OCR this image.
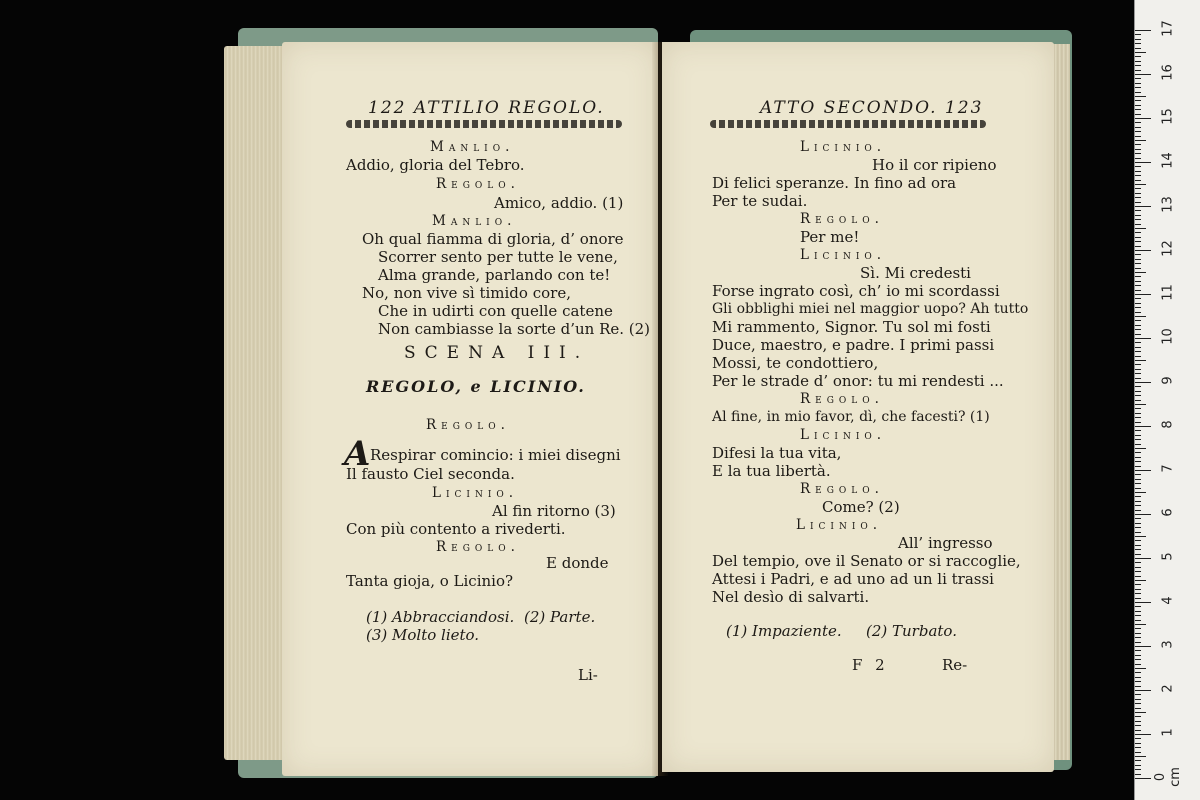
122 ATTILIO REGOLO.
Manlio.
Addio, gloria del Tebro.
Regolo.
Amico, addio. (1)
Manlio.
Oh qual fiamma di gloria, d’ onore
Scorrer sento per tutte le vene,
Alma grande, parlando con te!
No, non vive sì timido core,
Che in udirti con quelle catene
Non cambiasse la sorte d’un Re. (2)
SCENA III.
REGOLO, e LICINIO.
Regolo.
A Respirar comincio: i miei disegni
Il fausto Ciel seconda.
Licinio.
Al fin ritorno (3)
Con più contento a rivederti.
Regolo.
E donde
Tanta gioja, o Licinio?
(1) Abbracciandosi. (2) Parte.
(3) Molto lieto.
Li-
ATTO SECONDO. 123
Licinio.
Ho il cor ripieno
Di felici speranze. In fino ad ora
Per te sudai.
Regolo.
Per me!
Licinio.
Sì. Mi credesti
Forse ingrato così, ch’ io mi scordassi
Gli obblighi miei nel maggior uopo? Ah tutto
Mi rammento, Signor. Tu sol mi fosti
Duce, maestro, e padre. I primi passi
Mossi, te condottiero,
Per le strade d’ onor: tu mi rendesti ...
Regolo.
Al fine, in mio favor, dì, che facesti? (1)
Licinio.
Difesi la tua vita,
E la tua libertà.
Regolo.
Come? (2)
Licinio.
All’ ingresso
Del tempio, ove il Senato or si raccoglie,
Attesi i Padri, e ad uno ad un li trassi
Nel desìo di salvarti.
(1) Impaziente. (2) Turbato.
F 2	Re-
17
16
15
14
13
12
11
10
9
8
7
6
5
4
3
2
1
0 cm
